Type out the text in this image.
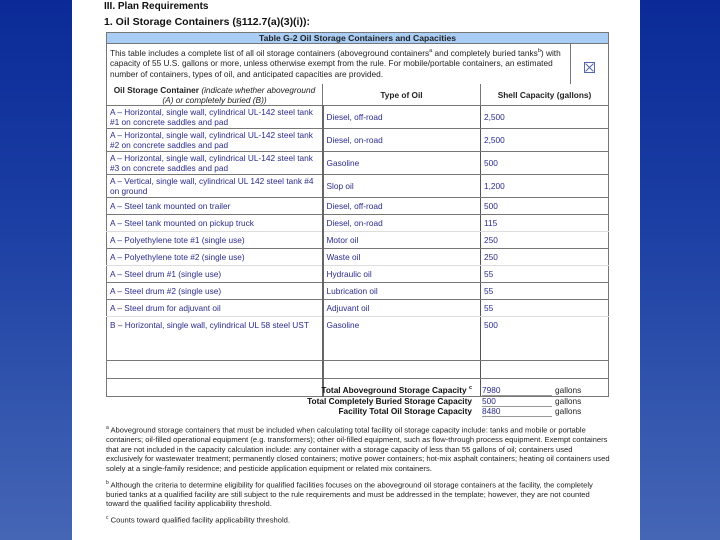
III. Plan Requirements
1. Oil Storage Containers (§112.7(a)(3)(i)):
Table G-2 Oil Storage Containers and Capacities			
This table includes a complete list of all oil storage containers (aboveground containers$^a$ and completely buried tanks$^b$) with capacity of 55 U.S. gallons or more, unless otherwise exempt from the rule. For mobile/portable containers, an estimated number of containers, types of oil, and anticipated capacities are provided.			
Oil Storage Container (indicate whether aboveground (A) or completely buried (B))	Type of Oil	Shell Capacity (gallons)	
A – Horizontal, single wall, cylindrical UL-142 steel tank #1 on concrete saddles and pad	Diesel, off-road	2,500	
A – Horizontal, single wall, cylindrical UL-142 steel tank #2 on concrete saddles and pad	Diesel, on-road	2,500	
A – Horizontal, single wall, cylindrical UL-142 steel tank #3 on concrete saddles and pad	Gasoline	500	
A – Vertical, single wall, cylindrical UL 142 steel tank #4 on ground	Slop oil	1,200	
A – Steel tank mounted on trailer	Diesel, off-road	500	
A – Steel tank mounted on pickup truck	Diesel, on-road	115	
A – Polyethylene tote #1 (single use)	Motor oil	250	
A – Polyethylene tote #2 (single use)	Waste oil	250	
A – Steel drum #1 (single use)	Hydraulic oil	55	
A – Steel drum #2 (single use)	Lubrication oil	55	
A – Steel drum for adjuvant oil	Adjuvant oil	55	
B – Horizontal, single wall, cylindrical UL 58 steel UST	Gasoline	500	

Total Aboveground Storage Capacity $^c$ 7980	gallons
Total Completely Buried Storage Capacity 500	gallons
Facility Total Oil Storage Capacity 8480	gallons

$^a$ Aboveground storage containers that must be included when calculating total facility oil storage capacity include: tanks and mobile or portable containers; oil-filled operational equipment (e.g. transformers); other oil-filled equipment, such as flow-through process equipment. Exempt containers that are not included in the capacity calculation include: any container with a storage capacity of less than 55 gallons of oil; containers used exclusively for wastewater treatment; permanently closed containers; motive power containers; hot-mix asphalt containers; heating oil containers used solely at a single-family residence; and pesticide application equipment or related mix containers.

$^b$ Although the criteria to determine eligibility for qualified facilities focuses on the aboveground oil storage containers at the facility, the completely buried tanks at a qualified facility are still subject to the rule requirements and must be addressed in the template; however, they are not counted toward the qualified facility applicability threshold.

$^c$ Counts toward qualified facility applicability threshold.
